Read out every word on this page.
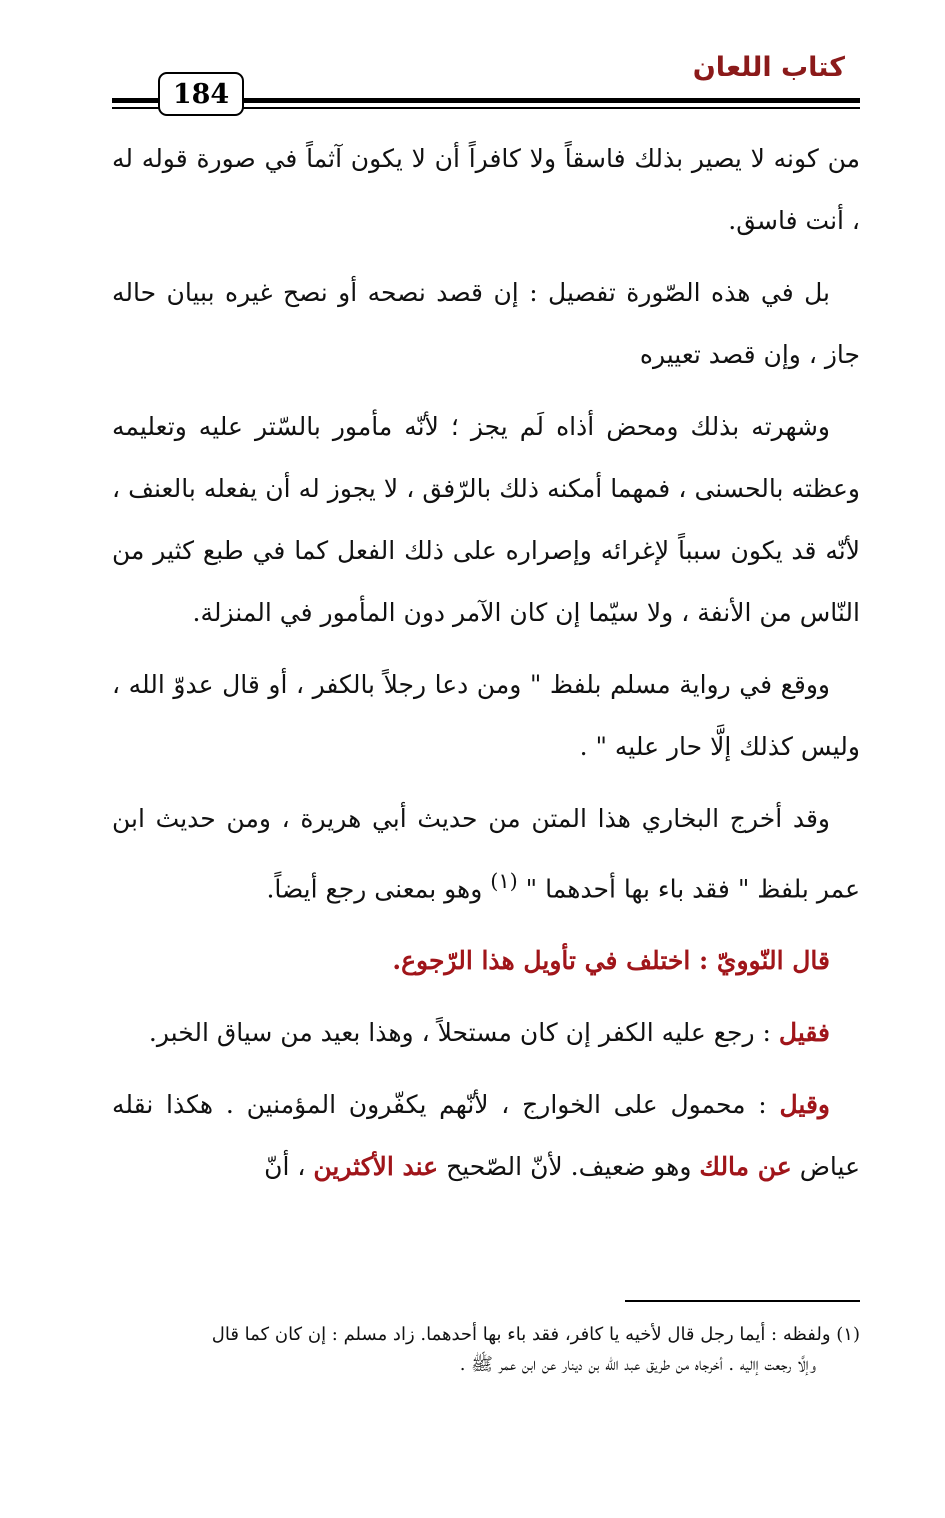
كتاب اللعان
184

من كونه لا يصير بذلك فاسقاً ولا كافراً أن لا يكون آثماً في صورة قوله له ، أنت فاسق.

بل في هذه الصّورة تفصيل : إن قصد نصحه أو نصح غيره ببيان حاله جاز ، وإن قصد تعييره

وشهرته بذلك ومحض أذاه لَم يجز ؛ لأنّه مأمور بالسّتر عليه وتعليمه وعظته بالحسنى ، فمهما أمكنه ذلك بالرّفق ، لا يجوز له أن يفعله بالعنف ، لأنّه قد يكون سبباً لإغرائه وإصراره على ذلك الفعل كما في طبع كثير من النّاس من الأنفة ، ولا سيّما إن كان الآمر دون المأمور في المنزلة.

ووقع في رواية مسلم بلفظ " ومن دعا رجلاً بالكفر ، أو قال عدوّ الله ، وليس كذلك إلَّا حار عليه " .

وقد أخرج البخاري هذا المتن من حديث أبي هريرة ، ومن حديث ابن عمر بلفظ " فقد باء بها أحدهما " $^{(١)}$ وهو بمعنى رجع أيضاً.

قال النّوويّ : اختلف في تأويل هذا الرّجوع.

فقيل : رجع عليه الكفر إن كان مستحلاً ، وهذا بعيد من سياق الخبر.

وقيل : محمول على الخوارج ، لأنّهم يكفّرون المؤمنين . هكذا نقله عياض عن مالك وهو ضعيف. لأنّ الصّحيح عند الأكثرين ، أنّ

(١) ولفظه : أيما رجل قال لأخيه يا كافر، فقد باء بها أحدهما. زاد مسلم : إن كان كما قال

وإلَّا رجعت إاليه . أخرجاه من طريق عبد الله بن دينار عن ابن عمر ﷺ .
